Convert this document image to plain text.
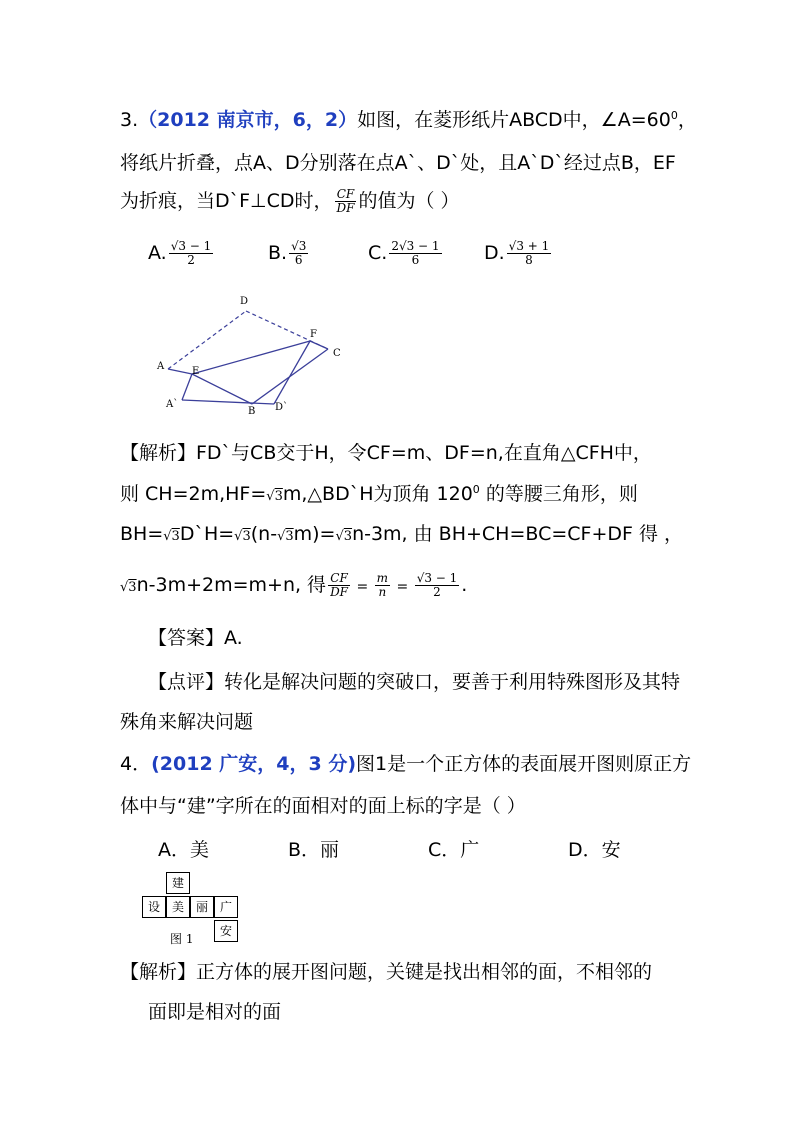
3.（2012 南京市，6，2）如图，在菱形纸片ABCD中，$\angle A=60^0$，
将纸片折叠，点A、D分别落在点A`、D`处，且A`D`经过点B，EF
为折痕，当D`F⊥CD时， $\frac{CF}{DF}$ 的值为（ ）
A. $\frac{√3 - 1}{2}$	B. $\frac{√3}{6}$	C. $\frac{2√3 - 1}{6} D$. $\frac{√3 + 1}{8}$
D
F
C
A	E
A`
B D`
【解析】FD`与CB交于H，令CF=m、DF=n,在直角△CFH中，
则 CH=2m,HF=√3m,△BD`H为顶角 $120^0$ 的等腰三角形，则
BH=√3D`H=√3(n-√3m)=√3n-3m, 由 BH+CH=BC=CF+DF 得 ，
√3n-3m+2m=m+n, 得 $\frac{CF}{DF} = \frac{m}{n} = \frac{√3 - 1}{2}$ .
【答案】A.
【点评】转化是解决问题的突破口，要善于利用特殊图形及其特
殊角来解决问题
4．(2012 广安，4，3 分)图1是一个正方体的表面展开图则原正方
体中与“建”字所在的面相对的面上标的字是（ ）
A．美	B．丽	C．广	D．安
建
设 美 丽 广
安
图 1
【解析】正方体的展开图问题，关键是找出相邻的面，不相邻的
面即是相对的面
